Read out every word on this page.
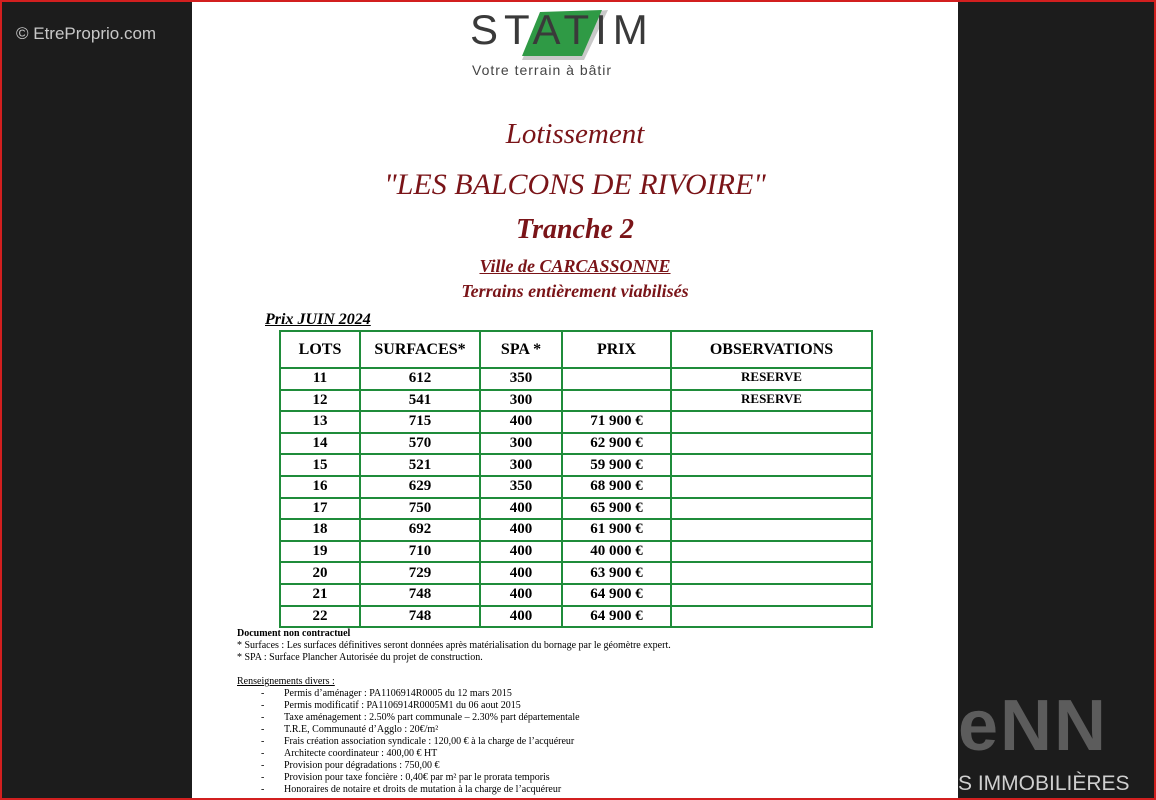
© EtreProprio.com
eNN
S IMMOBILIÈRES
STATIM
Votre terrain à bâtir
Lotissement
"LES BALCONS DE RIVOIRE"
Tranche 2
Ville de CARCASSONNE
Terrains entièrement viabilisés
Prix JUIN 2024
LOTS	SURFACES*	SPA *	PRIX	OBSERVATIONS
11	612	350		RESERVE
12	541	300		RESERVE
13	715	400	71 900 €	
14	570	300	62 900 €	
15	521	300	59 900 €	
16	629	350	68 900 €	
17	750	400	65 900 €	
18	692	400	61 900 €	
19	710	400	40 000 €	
20	729	400	63 900 €	
21	748	400	64 900 €	
22	748	400	64 900 €	
Document non contractuel
* Surfaces : Les surfaces définitives seront données après matérialisation du bornage par le géomètre expert.
* SPA : Surface Plancher Autorisée du projet de construction.
Renseignements divers :
- Permis d’aménager : PA1106914R0005 du 12 mars 2015
- Permis modificatif : PA1106914R0005M1 du 06 aout 2015
- Taxe aménagement : 2.50% part communale – 2.30% part départementale
- T.R.E, Communauté d’Agglo : 20€/m²
- Frais création association syndicale : 120,00 € à la charge de l’acquéreur
- Architecte coordinateur : 400,00 € HT
- Provision pour dégradations : 750,00 €
- Provision pour taxe foncière : 0,40€ par m² par le prorata temporis
- Honoraires de notaire et droits de mutation à la charge de l’acquéreur
